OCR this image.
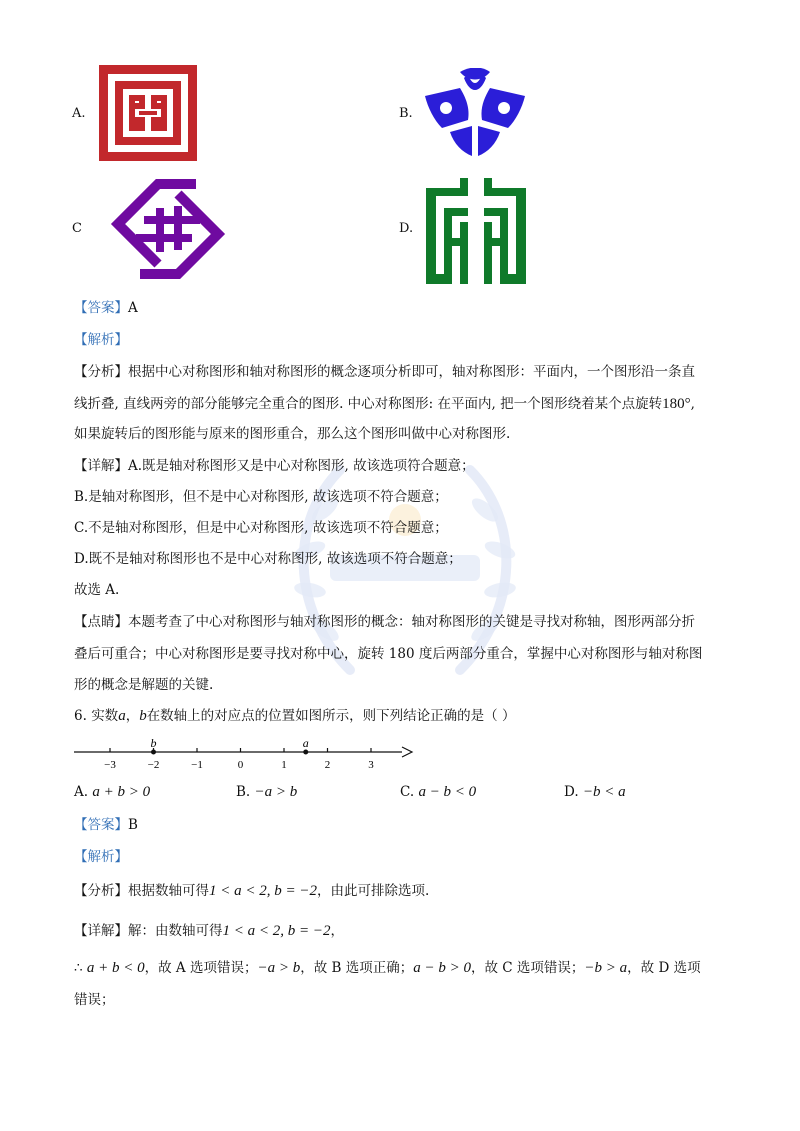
A.	B.
C	D.
【答案】A
【解析】
【分析】根据中心对称图形和轴对称图形的概念逐项分析即可，轴对称图形：平面内，一个图形沿一条直
线折叠, 直线两旁的部分能够完全重合的图形. 中心对称图形: 在平面内, 把一个图形绕着某个点旋转180°,
如果旋转后的图形能与原来的图形重合，那么这个图形叫做中心对称图形.
【详解】A.既是轴对称图形又是中心对称图形, 故该选项符合题意；
B.是轴对称图形，但不是中心对称图形, 故该选项不符合题意；
C.不是轴对称图形，但是中心对称图形, 故该选项不符合题意；
D.既不是轴对称图形也不是中心对称图形, 故该选项不符合题意；
故选 A.
【点睛】本题考查了中心对称图形与轴对称图形的概念：轴对称图形的关键是寻找对称轴，图形两部分折
叠后可重合；中心对称图形是要寻找对称中心，旋转 180 度后两部分重合，掌握中心对称图形与轴对称图
形的概念是解题的关键.
6. 实数a，b在数轴上的对应点的位置如图所示，则下列结论正确的是（ ）
−3	−2	−1	0	1	2	3
b	a
A. a + b > 0	B. −a > b	C. a − b < 0	D. −b < a
【答案】B
【解析】
【分析】根据数轴可得1 < a < 2, b = −2，由此可排除选项.
【详解】解：由数轴可得1 < a < 2, b = −2，
∴ a + b < 0，故 A 选项错误；−a > b，故 B 选项正确；a − b > 0，故 C 选项错误；−b > a，故 D 选项
错误；
